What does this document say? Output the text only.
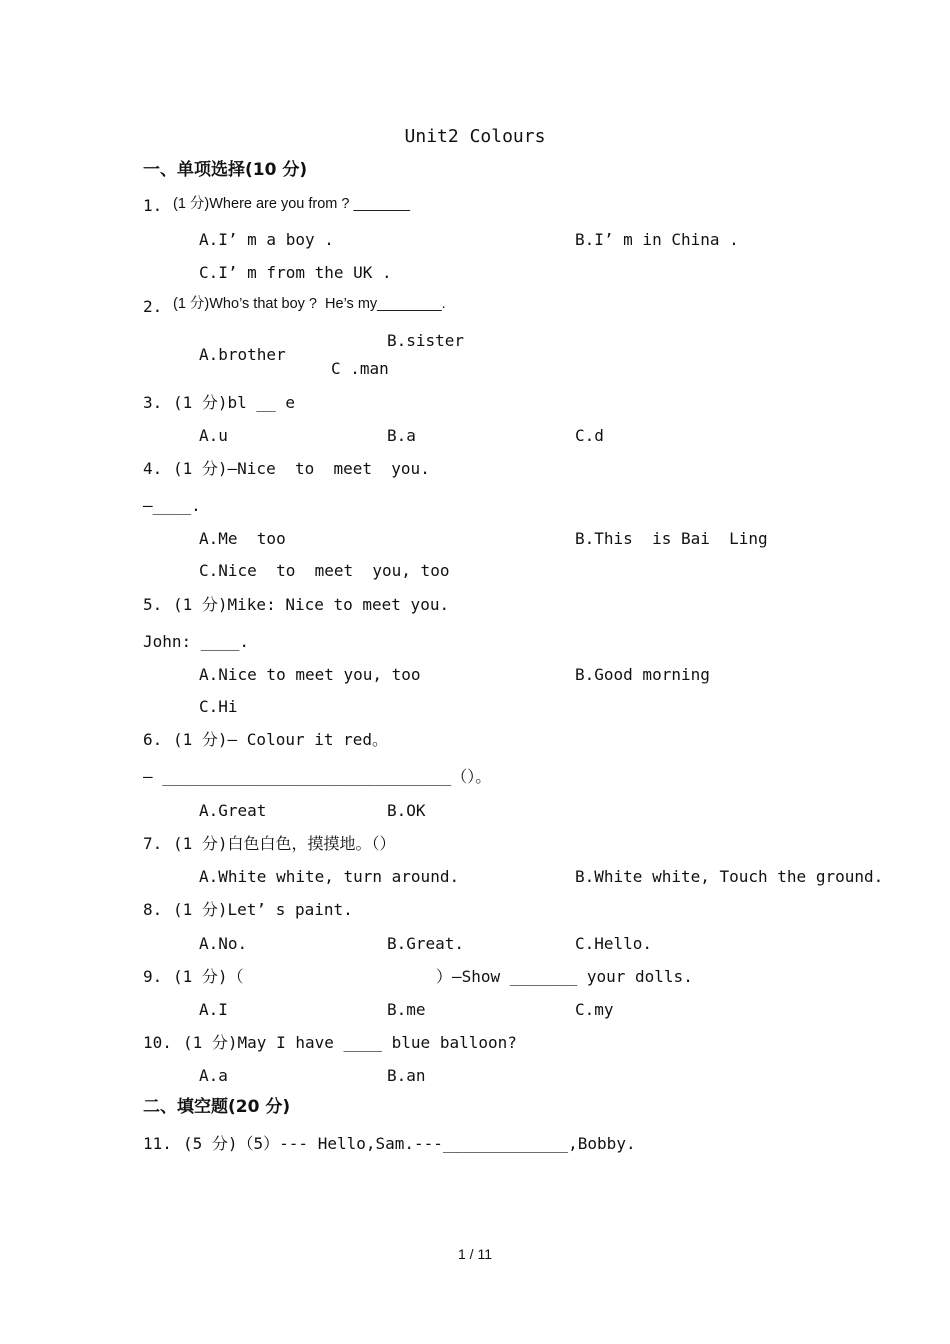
Unit2 Colours
一、单项选择(10 分)
1. (1 分)Where are you from ? _______
A.I’ m a boy .	B.I’ m in China .
C.I’ m from the UK .
2. (1 分)Who’s that boy ?  He’s my________.
A.brother
B.sister
C .man
3. (1 分)bl __ e
A.u	B.a	C.d
4. (1 分)—Nice  to  meet  you.
—____.
A.Me  too	B.This  is Bai  Ling
C.Nice  to  meet  you, too
5. (1 分)Mike: Nice to meet you.
John: ____.
A.Nice to meet you, too	B.Good morning
C.Hi
6. (1 分)— Colour it red。
— ______________________________（）。
A.Great	B.OK
7. (1 分)白色白色，摸摸地。（）
A.White white, turn around.	B.White white, Touch the ground.
8. (1 分)Let’ s paint.
A.No.	B.Great.	C.Hello.
9. (1 分)（	）—Show _______ your dolls.
A.I	B.me	C.my
10. (1 分)May I have ____ blue balloon?
A.a	B.an
二、填空题(20 分)
11. (5 分)（5）--- Hello,Sam.---_____________,Bobby.
1 / 11
